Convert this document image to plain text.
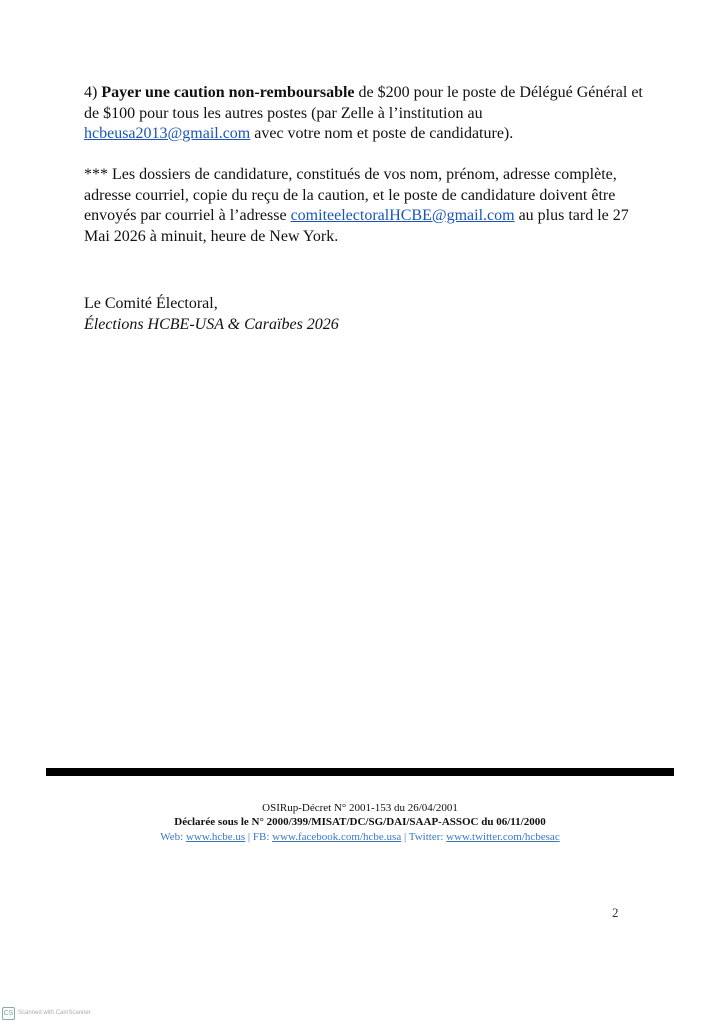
4) Payer une caution non-remboursable de $200 pour le poste de Délégué Général et de $100 pour tous les autres postes (par Zelle à l’institution au hcbeusa2013@gmail.com avec votre nom et poste de candidature).

*** Les dossiers de candidature, constitués de vos nom, prénom, adresse complète, adresse courriel, copie du reçu de la caution, et le poste de candidature doivent être envoyés par courriel à l’adresse comiteelectoralHCBE@gmail.com au plus tard le 27 Mai 2026 à minuit, heure de New York.

Le Comité Électoral,
Élections HCBE-USA & Caraïbes 2026

OSIRup-Décret N° 2001-153 du 26/04/2001
Déclarée sous le N° 2000/399/MISAT/DC/SG/DAI/SAAP-ASSOC du 06/11/2000
Web: www.hcbe.us | FB: www.facebook.com/hcbe.usa | Twitter: www.twitter.com/hcbesac
2
CS Scanned with CamScanner
